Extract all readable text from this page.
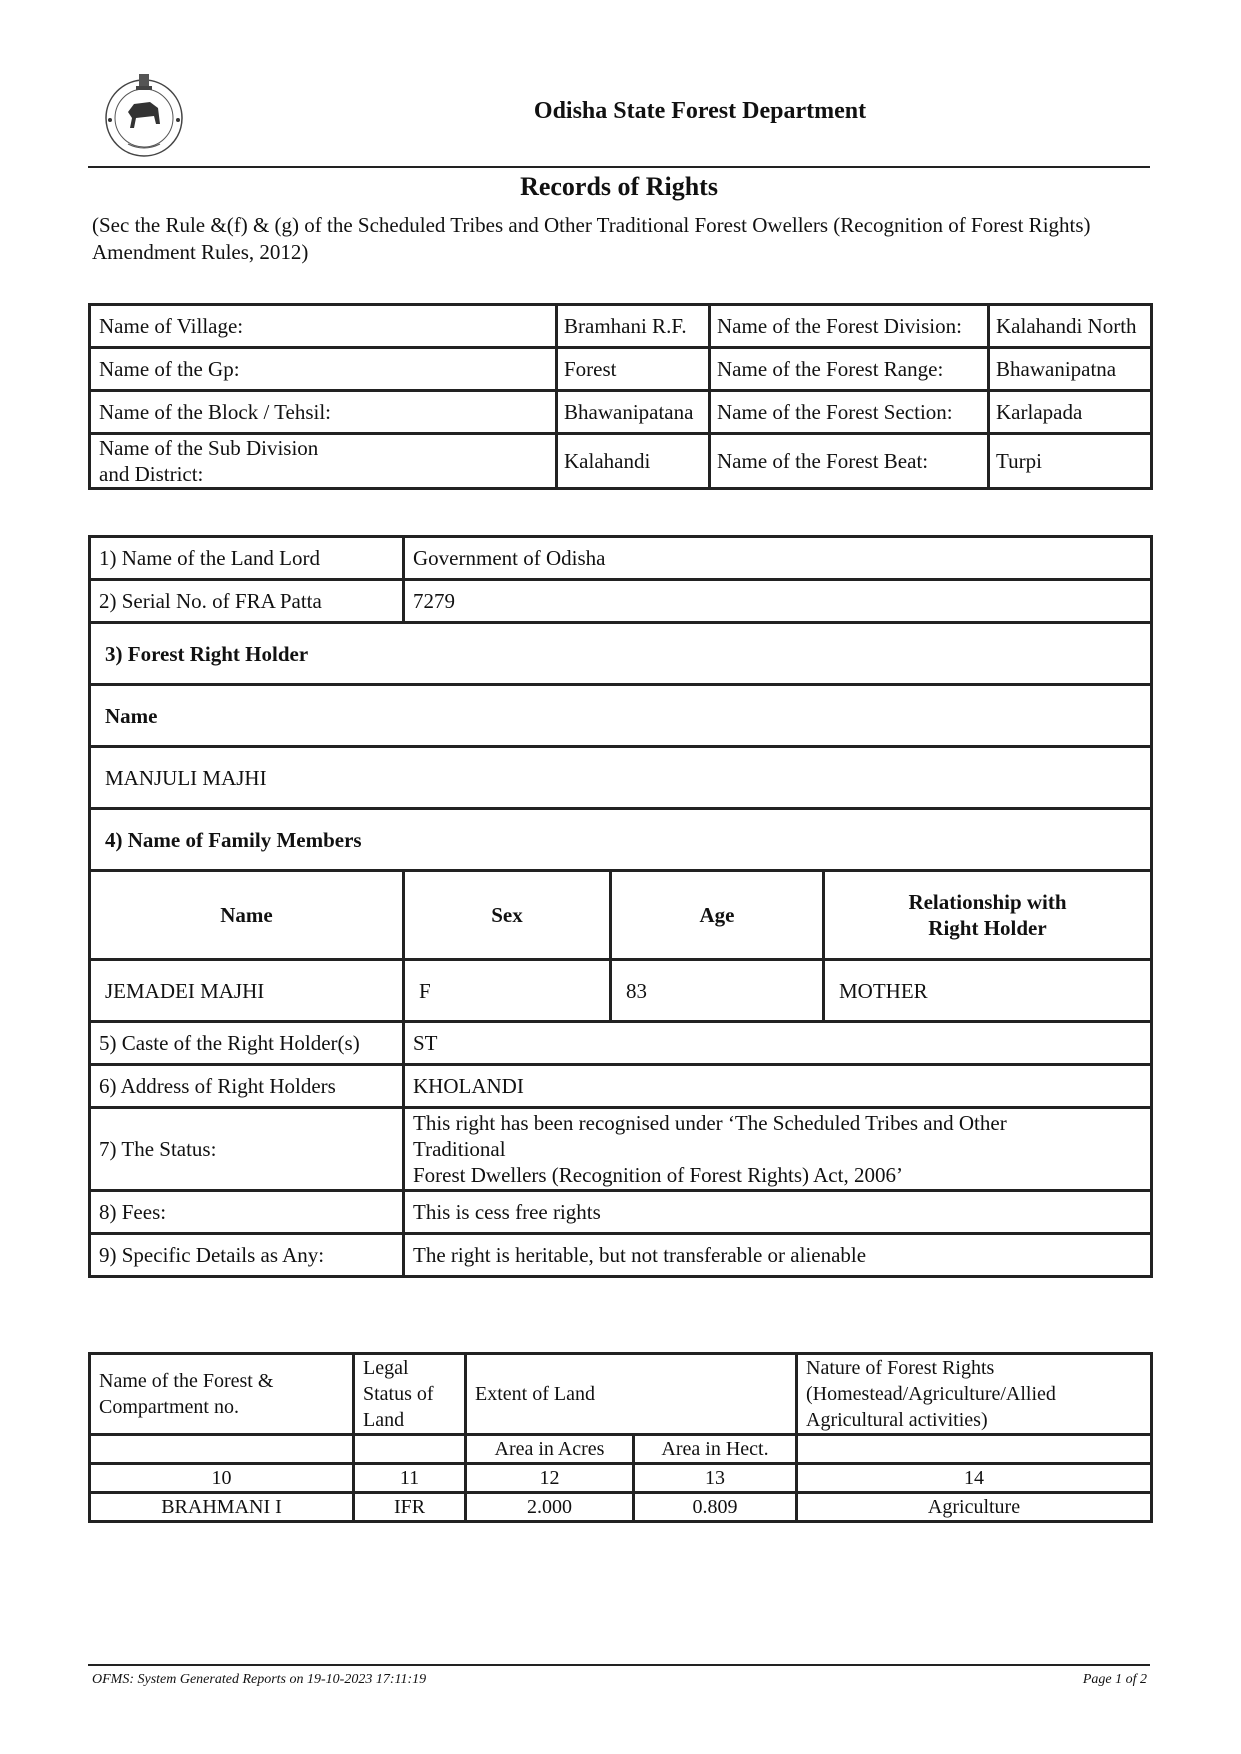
Odisha State Forest Department
Records of Rights
(Sec the Rule &(f) & (g) of the Scheduled Tribes and Other Traditional Forest Owellers (Recognition of Forest Rights) Amendment Rules, 2012)
Name of Village:	Bramhani R.F.	Name of the Forest Division:	Kalahandi North
Name of the Gp:	Forest	Name of the Forest Range:	Bhawanipatna
Name of the Block / Tehsil:	Bhawanipatana	Name of the Forest Section:	Karlapada

Name of the Sub Division and District:	Kalahandi	Name of the Forest Beat:	Turpi
1) Name of the Land Lord	Government of Odisha		
2) Serial No. of FRA Patta	7279		
3) Forest Right Holder			
Name			
MANJULI MAJHI			
4) Name of Family Members			
Name	Sex	Age	Relationship with Right Holder

JEMADEI MAJHI	F	83	MOTHER
5) Caste of the Right Holder(s)	ST		
6) Address of Right Holders	KHOLANDI		
7) The Status:	This right has been recognised under ‘The Scheduled Tribes and Other
Traditional
Forest Dwellers (Recognition of Forest Rights) Act, 2006’		

8) Fees:	This is cess free rights		
9) Specific Details as Any:	The right is heritable, but not transferable or alienable		
Name of the Forest & Compartment no.	Legal Status of Land	Extent of Land		Nature of Forest Rights (Homestead/Agriculture/Allied Agricultural activities)

		Area in Acres	Area in Hect.	
10	11	12	13	14
BRAHMANI I	IFR	2.000	0.809	Agriculture
OFMS: System Generated Reports on 19-10-2023 17:11:19	Page 1 of 2
